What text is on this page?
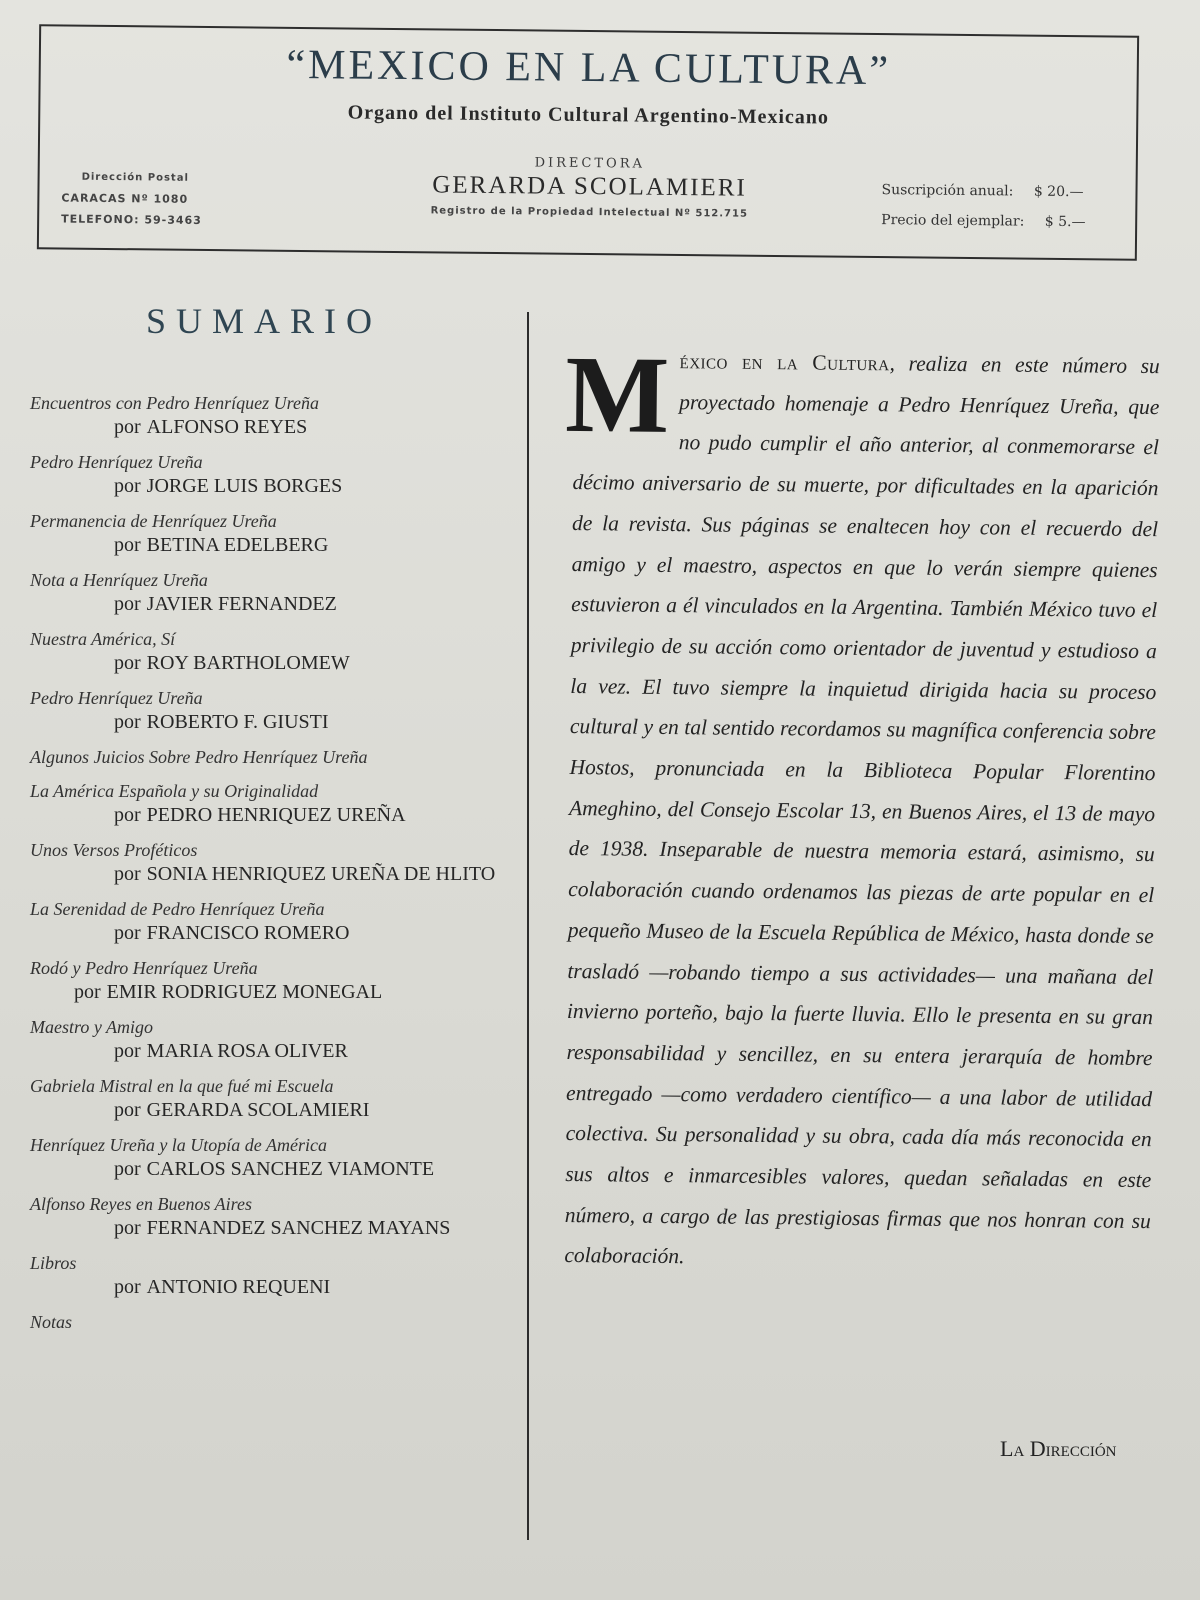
“MEXICO EN LA CULTURA”
Organo del Instituto Cultural Argentino-Mexicano
Dirección Postal
CARACAS Nº 1080
TELEFONO: 59-3463
DIRECTORA
GERARDA SCOLAMIERI
Registro de la Propiedad Intelectual Nº 512.715
Suscripción anual: $ 20.—
Precio del ejemplar: $ 5.—
SUMARIO
Encuentros con Pedro Henríquez Ureña
por ALFONSO REYES
Pedro Henríquez Ureña
por JORGE LUIS BORGES
Permanencia de Henríquez Ureña
por BETINA EDELBERG
Nota a Henríquez Ureña
por JAVIER FERNANDEZ
Nuestra América, Sí
por ROY BARTHOLOMEW
Pedro Henríquez Ureña
por ROBERTO F. GIUSTI
Algunos Juicios Sobre Pedro Henríquez Ureña
La América Española y su Originalidad
por PEDRO HENRIQUEZ UREÑA
Unos Versos Proféticos
por SONIA HENRIQUEZ UREÑA DE HLITO
La Serenidad de Pedro Henríquez Ureña
por FRANCISCO ROMERO
Rodó y Pedro Henríquez Ureña
por EMIR RODRIGUEZ MONEGAL
Maestro y Amigo
por MARIA ROSA OLIVER
Gabriela Mistral en la que fué mi Escuela
por GERARDA SCOLAMIERI
Henríquez Ureña y la Utopía de América
por CARLOS SANCHEZ VIAMONTE
Alfonso Reyes en Buenos Aires
por FERNANDEZ SANCHEZ MAYANS
Libros
por ANTONIO REQUENI
Notas
México en la Cultura, realiza en este número su proyectado homenaje a Pedro Henríquez Ureña, que no pudo cumplir el año anterior, al conmemorarse el décimo aniversario de su muerte, por dificultades en la aparición de la revista. Sus páginas se enaltecen hoy con el recuerdo del amigo y el maestro, aspectos en que lo verán siempre quienes estuvieron a él vinculados en la Argentina. También México tuvo el privilegio de su acción como orientador de juventud y estudioso a la vez. El tuvo siempre la inquietud dirigida hacia su proceso cultural y en tal sentido recordamos su magnífica conferencia sobre Hostos, pronunciada en la Biblioteca Popular Florentino Ameghino, del Consejo Escolar 13, en Buenos Aires, el 13 de mayo de 1938. Inseparable de nuestra memoria estará, asimismo, su colaboración cuando ordenamos las piezas de arte popular en el pequeño Museo de la Escuela República de México, hasta donde se trasladó —robando tiempo a sus actividades— una mañana del invierno porteño, bajo la fuerte lluvia. Ello le presenta en su gran responsabilidad y sencillez, en su entera jerarquía de hombre entregado —como verdadero científico— a una labor de utilidad colectiva. Su personalidad y su obra, cada día más reconocida en sus altos e inmarcesibles valores, quedan señaladas en este número, a cargo de las prestigiosas firmas que nos honran con su colaboración.
La Dirección
